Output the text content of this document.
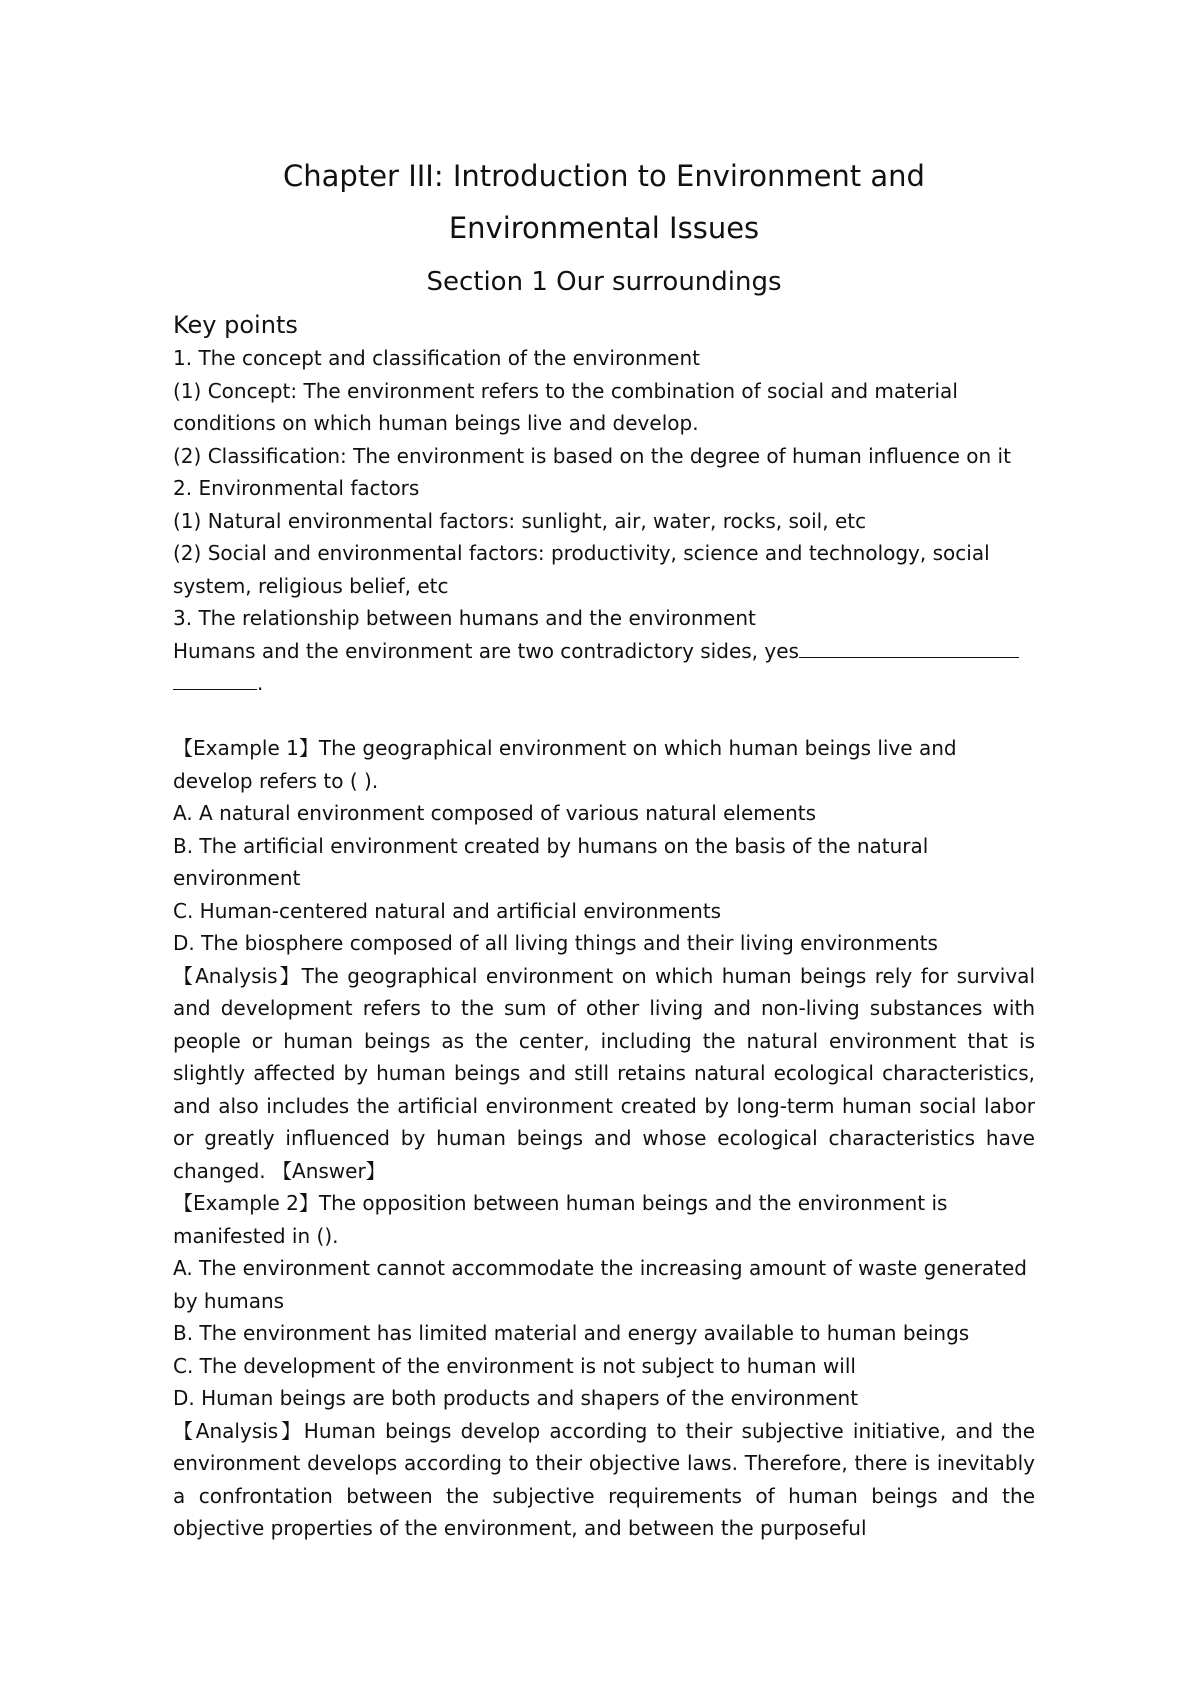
Chapter III: Introduction to Environment and
Environmental Issues
Section 1 Our surroundings
Key points

1. The concept and classification of the environment

(1) Concept: The environment refers to the combination of social and material conditions on which human beings live and develop.

(2) Classification: The environment is based on the degree of human influence on it

2. Environmental factors

(1) Natural environmental factors: sunlight, air, water, rocks, soil, etc

(2) Social and environmental factors: productivity, science and technology, social system, religious belief, etc

3. The relationship between humans and the environment

Humans and the environment are two contradictory sides, yes
.

【Example 1】The geographical environment on which human beings live and develop refers to ( ).

A. A natural environment composed of various natural elements

B. The artificial environment created by humans on the basis of the natural environment

C. Human-centered natural and artificial environments

D. The biosphere composed of all living things and their living environments

【Analysis】The geographical environment on which human beings rely for survival and development refers to the sum of other living and non-living substances with people or human beings as the center, including the natural environment that is slightly affected by human beings and still retains natural ecological characteristics, and also includes the artificial environment created by long-term human social labor or greatly influenced by human beings and whose ecological characteristics have changed. 【Answer】

【Example 2】The opposition between human beings and the environment is manifested in ().

A. The environment cannot accommodate the increasing amount of waste generated by humans

B. The environment has limited material and energy available to human beings

C. The development of the environment is not subject to human will

D. Human beings are both products and shapers of the environment

【Analysis】Human beings develop according to their subjective initiative, and the environment develops according to their objective laws. Therefore, there is inevitably a confrontation between the subjective requirements of human beings and the objective properties of the environment, and between the purposeful
